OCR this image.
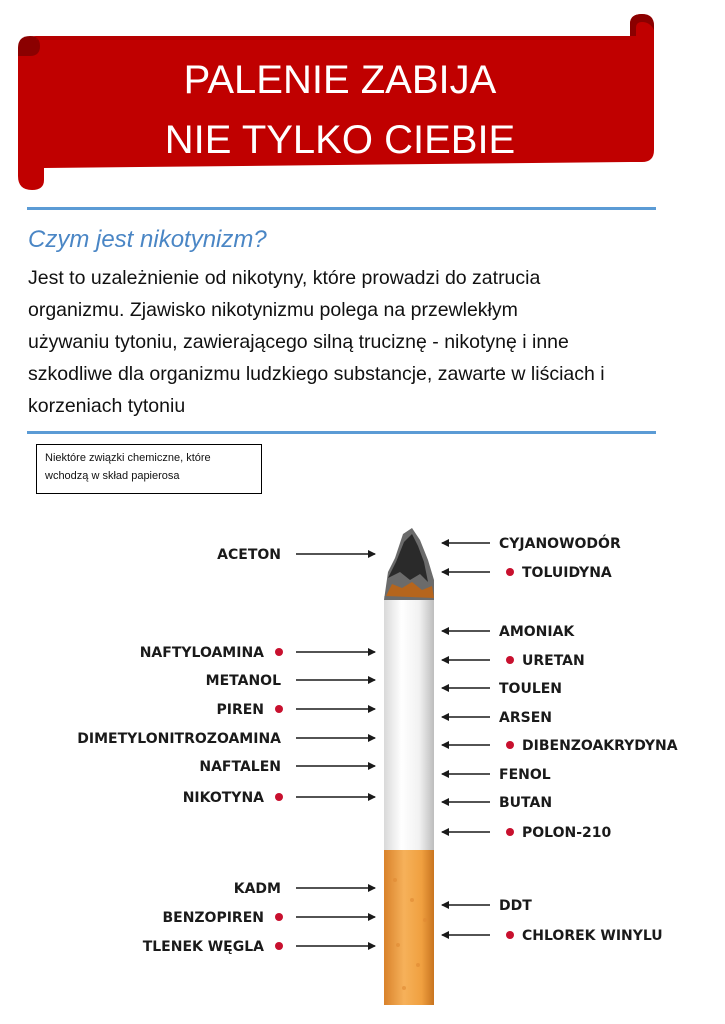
PALENIE ZABIJA
NIE TYLKO CIEBIE
Czym jest nikotynizm?
Jest to uzależnienie od nikotyny, które prowadzi do zatrucia
organizmu. Zjawisko nikotynizmu polega na przewlekłym
używaniu tytoniu, zawierającego silną truciznę - nikotynę i inne
szkodliwe dla organizmu ludzkiego substancje, zawarte w liściach i
korzeniach tytoniu
Niektóre związki chemiczne, które
wchodzą w skład papierosa
ACETON
NAFTYLOAMINA
METANOL
PIREN
DIMETYLONITROZOAMINA
NAFTALEN
NIKOTYNA
KADM
BENZOPIREN
TLENEK WĘGLA
CYJANOWODÓR
TOLUIDYNA
AMONIAK
URETAN
TOULEN
ARSEN
DIBENZOAKRYDYNA
FENOL
BUTAN
POLON-210
DDT
CHLOREK WINYLU
